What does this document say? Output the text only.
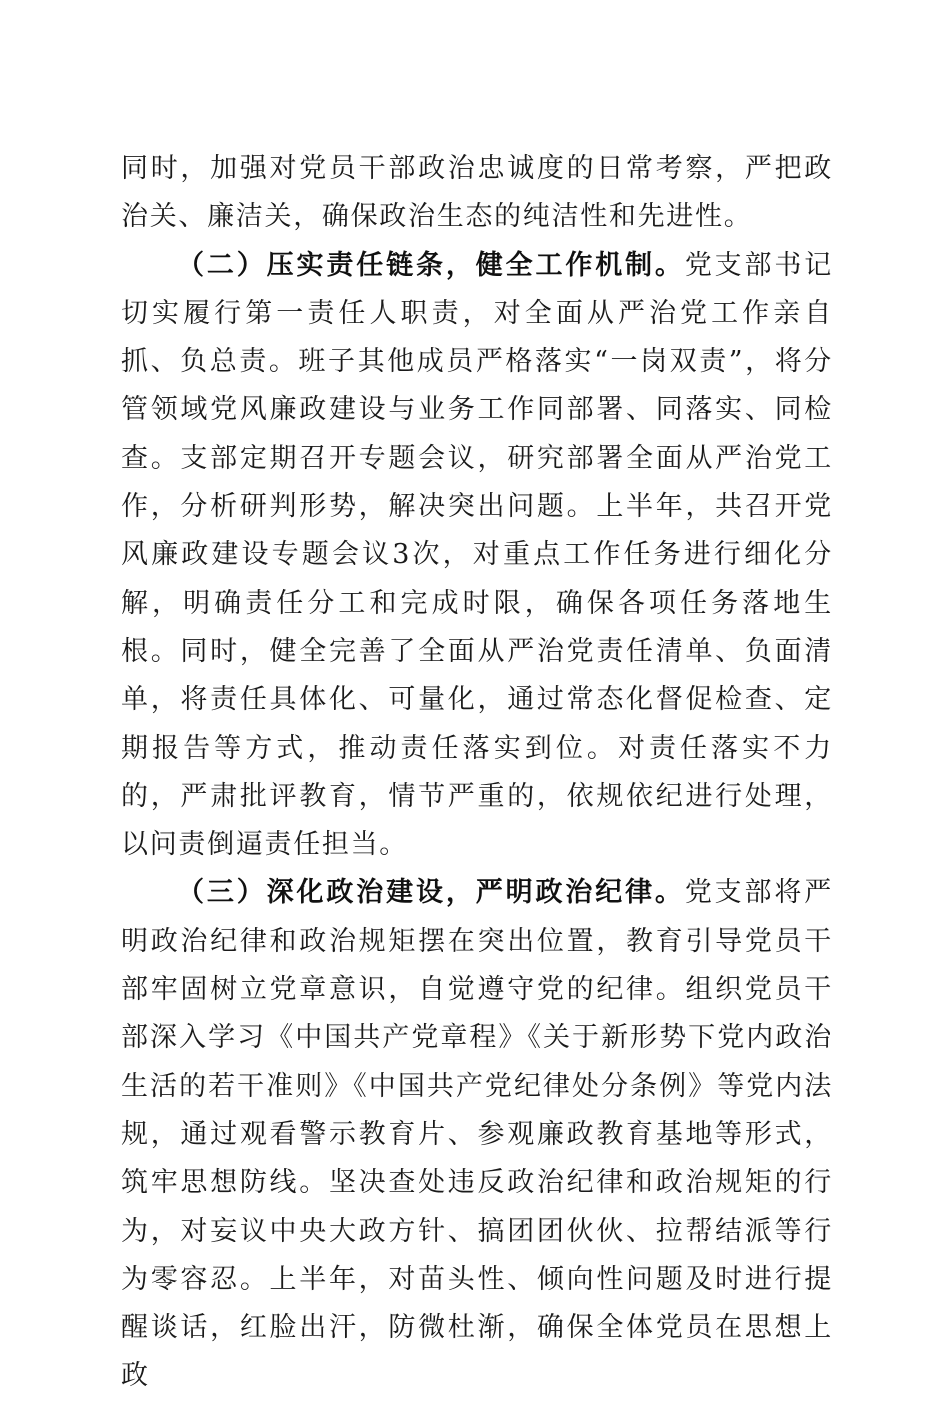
同时，加强对党员干部政治忠诚度的日常考察，严把政治关、廉洁关，确保政治生态的纯洁性和先进性。

（二）压实责任链条，健全工作机制。党支部书记切实履行第一责任人职责，对全面从严治党工作亲自抓、负总责。班子其他成员严格落实“一岗双责”，将分管领域党风廉政建设与业务工作同部署、同落实、同检查。支部定期召开专题会议，研究部署全面从严治党工作，分析研判形势，解决突出问题。上半年，共召开党风廉政建设专题会议3次，对重点工作任务进行细化分解，明确责任分工和完成时限，确保各项任务落地生根。同时，健全完善了全面从严治党责任清单、负面清单，将责任具体化、可量化，通过常态化督促检查、定期报告等方式，推动责任落实到位。对责任落实不力的，严肃批评教育，情节严重的，依规依纪进行处理，以问责倒逼责任担当。

（三）深化政治建设，严明政治纪律。党支部将严明政治纪律和政治规矩摆在突出位置，教育引导党员干部牢固树立党章意识，自觉遵守党的纪律。组织党员干部深入学习《中国共产党章程》《关于新形势下党内政治生活的若干准则》《中国共产党纪律处分条例》等党内法规，通过观看警示教育片、参观廉政教育基地等形式，筑牢思想防线。坚决查处违反政治纪律和政治规矩的行为，对妄议中央大政方针、搞团团伙伙、拉帮结派等行为零容忍。上半年，对苗头性、倾向性问题及时进行提醒谈话，红脸出汗，防微杜渐，确保全体党员在思想上政
